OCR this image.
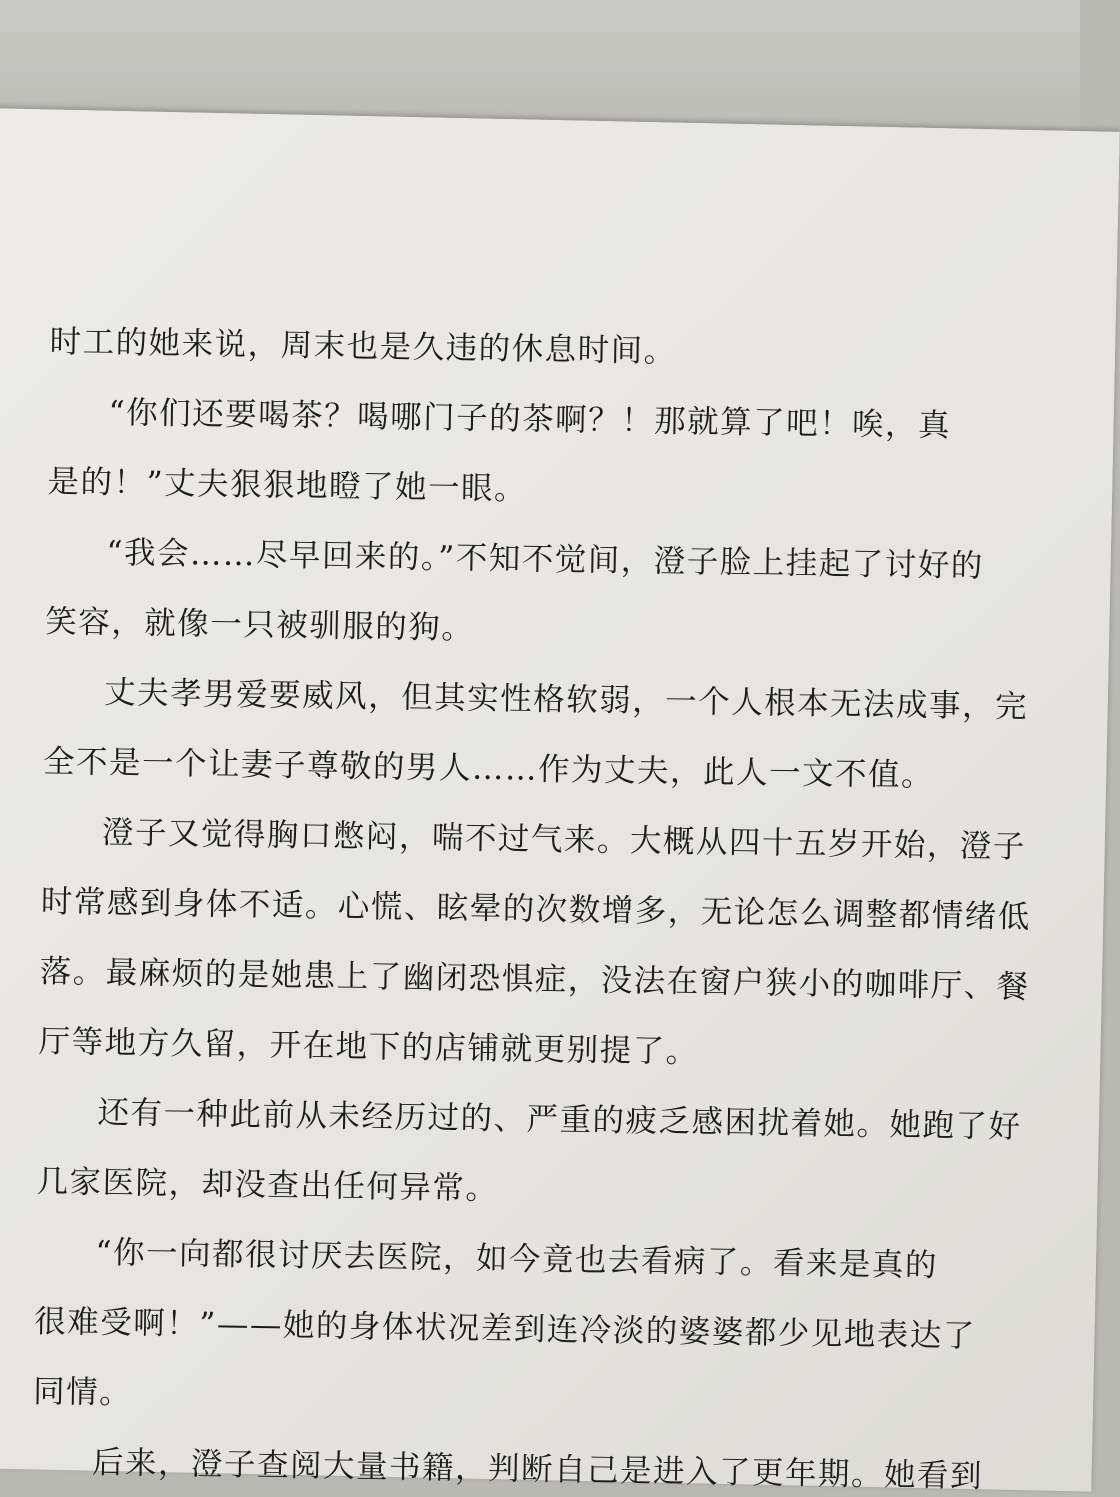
时工的她来说，周末也是久违的休息时间。
“你们还要喝茶？喝哪门子的茶啊？！那就算了吧！唉，真
是的！”丈夫狠狠地瞪了她一眼。
“我会……尽早回来的。”不知不觉间，澄子脸上挂起了讨好的
笑容，就像一只被驯服的狗。
丈夫孝男爱要威风，但其实性格软弱，一个人根本无法成事，完
全不是一个让妻子尊敬的男人……作为丈夫，此人一文不值。
澄子又觉得胸口憋闷，喘不过气来。大概从四十五岁开始，澄子
时常感到身体不适。心慌、眩晕的次数增多，无论怎么调整都情绪低
落。最麻烦的是她患上了幽闭恐惧症，没法在窗户狭小的咖啡厅、餐
厅等地方久留，开在地下的店铺就更别提了。
还有一种此前从未经历过的、严重的疲乏感困扰着她。她跑了好
几家医院，却没查出任何异常。
“你一向都很讨厌去医院，如今竟也去看病了。看来是真的
很难受啊！”——她的身体状况差到连冷淡的婆婆都少见地表达了
同情。
后来，澄子查阅大量书籍，判断自己是进入了更年期。她看到
